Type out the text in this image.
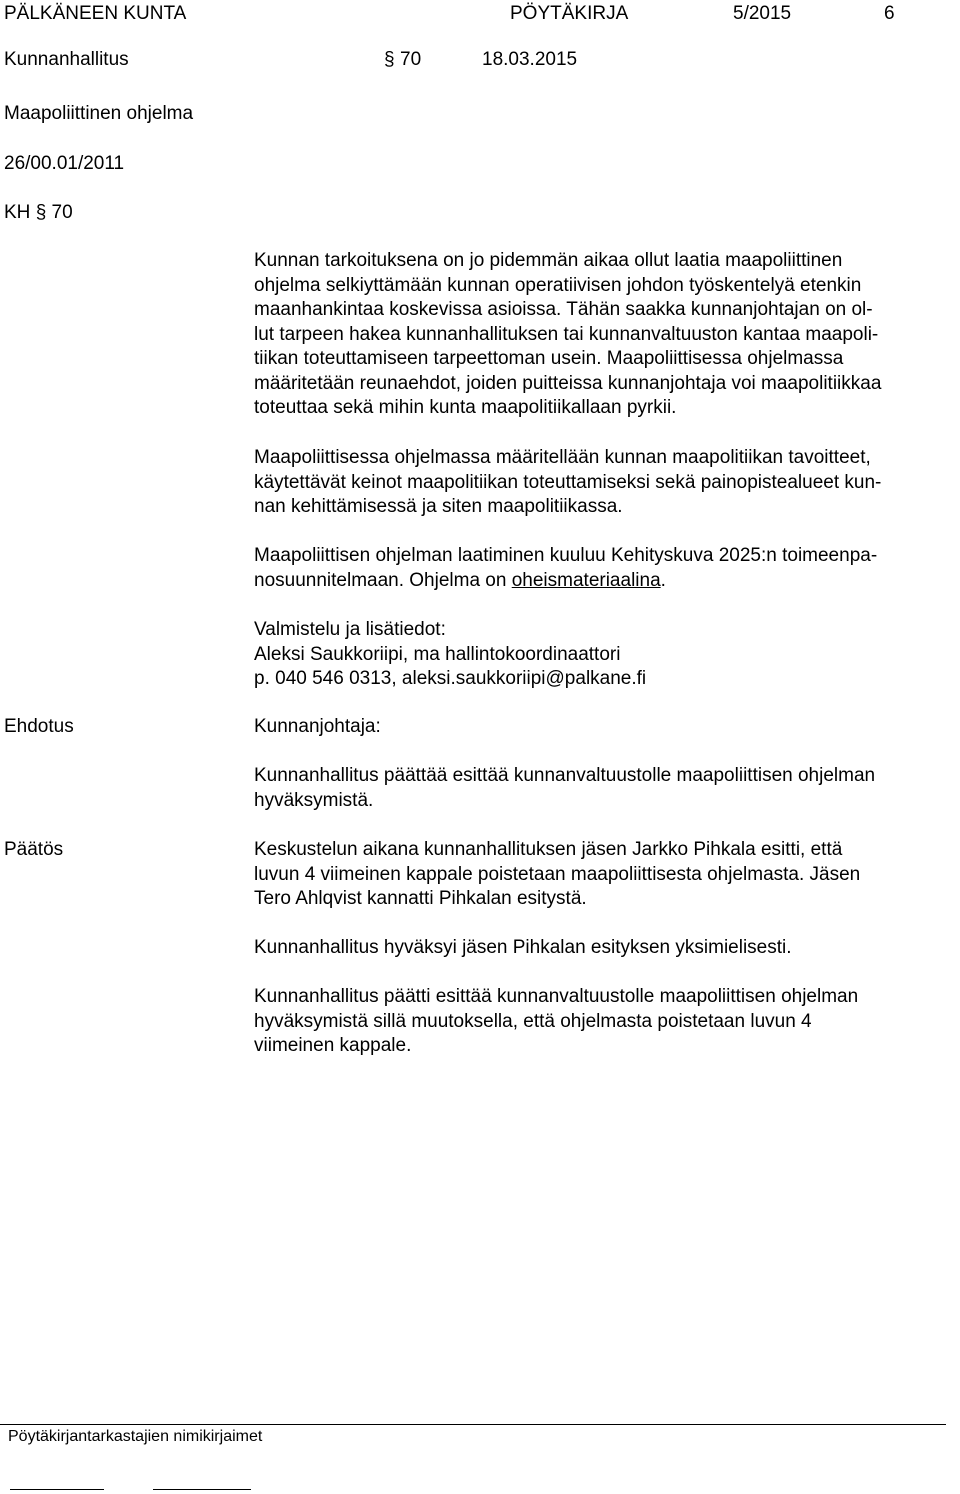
PÄLKÄNEEN KUNTA	PÖYTÄKIRJA	5/2015	6
Kunnanhallitus	§ 70	18.03.2015
Maapoliittinen ohjelma
26/00.01/2011
KH § 70

Kunnan tarkoituksena on jo pidemmän aikaa ollut laatia maapoliittinen

ohjelma selkiyttämään kunnan operatiivisen johdon työskentelyä etenkin

maanhankintaa koskevissa asioissa. Tähän saakka kunnanjohtajan on ol-

lut tarpeen hakea kunnanhallituksen tai kunnanvaltuuston kantaa maapoli-

tiikan toteuttamiseen tarpeettoman usein. Maapoliittisessa ohjelmassa

määritetään reunaehdot, joiden puitteissa kunnanjohtaja voi maapolitiikkaa

toteuttaa sekä mihin kunta maapolitiikallaan pyrkii.

Maapoliittisessa ohjelmassa määritellään kunnan maapolitiikan tavoitteet,

käytettävät keinot maapolitiikan toteuttamiseksi sekä painopistealueet kun-

nan kehittämisessä ja siten maapolitiikassa.

Maapoliittisen ohjelman laatiminen kuuluu Kehityskuva 2025:n toimeenpa-

nosuunnitelmaan. Ohjelma on oheismateriaalina.

Valmistelu ja lisätiedot:

Aleksi Saukkoriipi, ma hallintokoordinaattori

p. 040 546 0313, aleksi.saukkoriipi@palkane.fi

Ehdotus	Kunnanjohtaja:

Kunnanhallitus päättää esittää kunnanvaltuustolle maapoliittisen ohjelman

hyväksymistä.

Päätös	Keskustelun aikana kunnanhallituksen jäsen Jarkko Pihkala esitti, että

luvun 4 viimeinen kappale poistetaan maapoliittisesta ohjelmasta. Jäsen

Tero Ahlqvist kannatti Pihkalan esitystä.

Kunnanhallitus hyväksyi jäsen Pihkalan esityksen yksimielisesti.

Kunnanhallitus päätti esittää kunnanvaltuustolle maapoliittisen ohjelman

hyväksymistä sillä muutoksella, että ohjelmasta poistetaan luvun 4

viimeinen kappale.

Pöytäkirjantarkastajien nimikirjaimet
